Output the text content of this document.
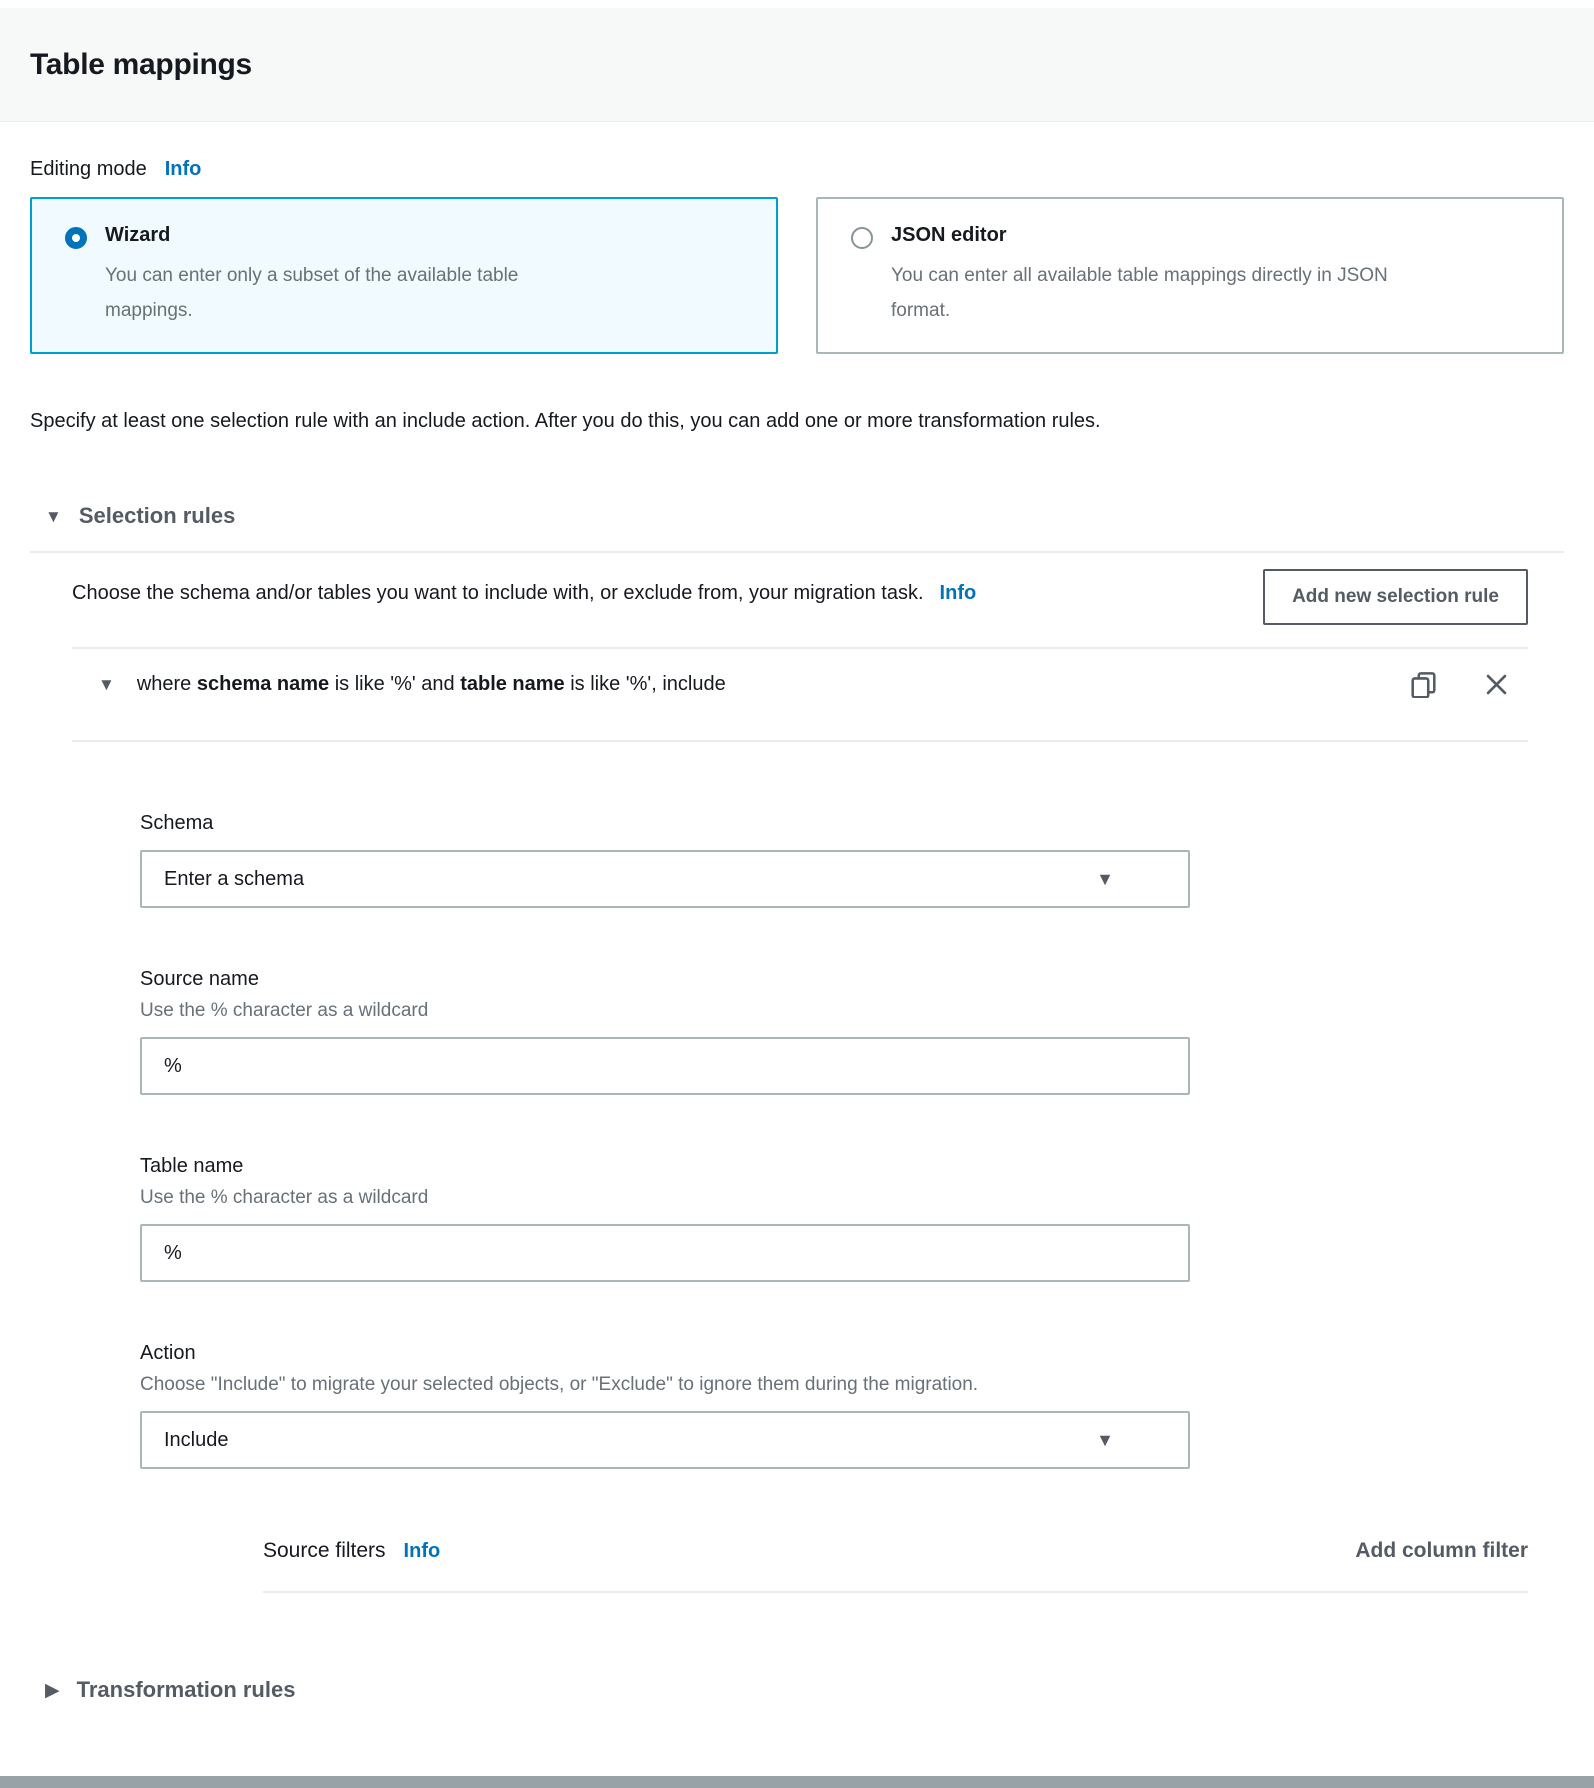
Table mappings
Editing mode Info
Wizard
You can enter only a subset of the available table mappings.
JSON editor
You can enter all available table mappings directly in JSON format.

Specify at least one selection rule with an include action. After you do this, you can add one or more transformation rules.

▼ Selection rules

Choose the schema and/or tables you want to include with, or exclude from, your migration task. Info	Add new selection rule
▼ where schema name is like '%' and table name is like '%', include
Schema
Enter a schema	▼
Source name
Use the % character as a wildcard
%
Table name
Use the % character as a wildcard
%
Action
Choose "Include" to migrate your selected objects, or "Exclude" to ignore them during the migration.
Include	▼
Source filters Info	Add column filter
▶ Transformation rules
